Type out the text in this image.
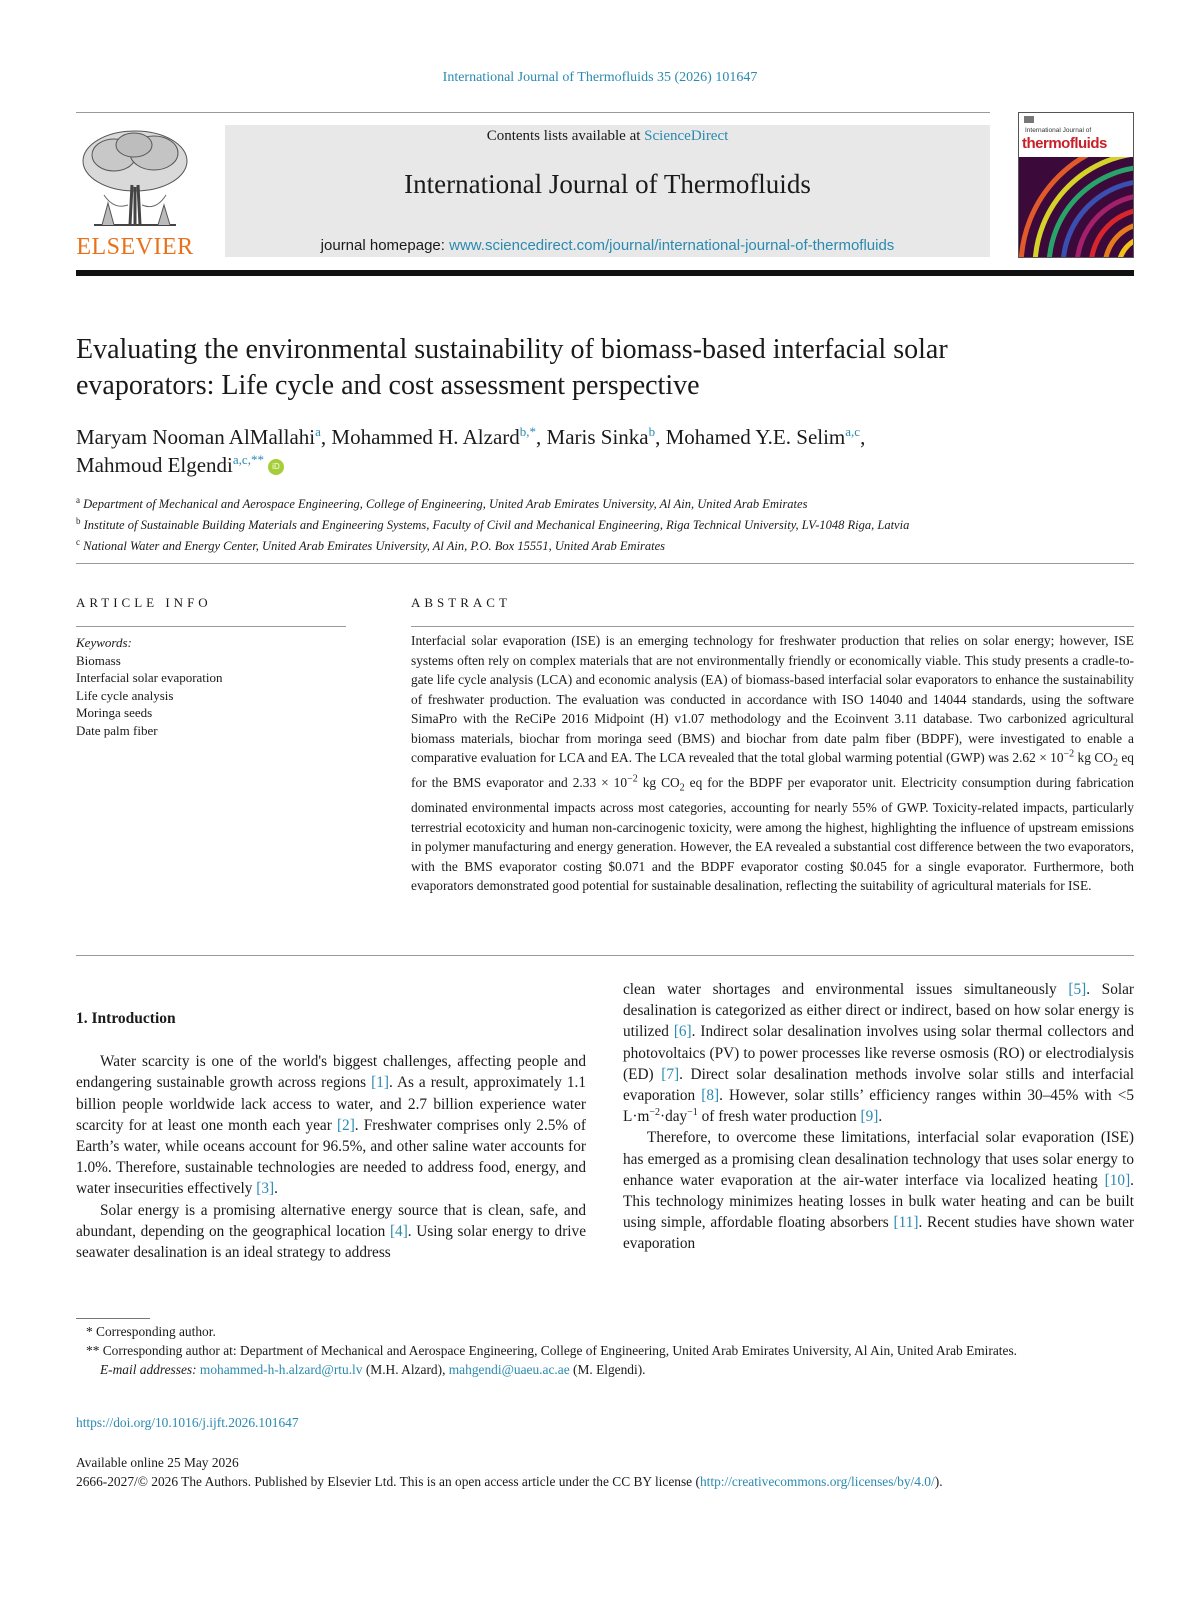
International Journal of Thermofluids 35 (2026) 101647
ELSEVIER
Contents lists available at ScienceDirect
International Journal of Thermofluids
journal homepage: www.sciencedirect.com/journal/international-journal-of-thermofluids
International Journal of
thermofluids
Evaluating the environmental sustainability of biomass-based interfacial solar evaporators: Life cycle and cost assessment perspective
Maryam Nooman AlMallahi$^a$, Mohammed H. Alzard$^{b,*}$, Maris Sinka$^b$, Mohamed Y.E. Selim$^{a,c}$,
Mahmoud Elgendi$^{a,c,**}$ iD
$^a$ Department of Mechanical and Aerospace Engineering, College of Engineering, United Arab Emirates University, Al Ain, United Arab Emirates
$^b$ Institute of Sustainable Building Materials and Engineering Systems, Faculty of Civil and Mechanical Engineering, Riga Technical University, LV-1048 Riga, Latvia
$^c$ National Water and Energy Center, United Arab Emirates University, Al Ain, P.O. Box 15551, United Arab Emirates
ARTICLE INFO	ABSTRACT
Keywords:
Biomass
Interfacial solar evaporation
Life cycle analysis
Moringa seeds
Date palm fiber
Interfacial solar evaporation (ISE) is an emerging technology for freshwater production that relies on solar energy; however, ISE systems often rely on complex materials that are not environmentally friendly or economically viable. This study presents a cradle-to-gate life cycle analysis (LCA) and economic analysis (EA) of biomass-based interfacial solar evaporators to enhance the sustainability of freshwater production. The evaluation was conducted in accordance with ISO 14040 and 14044 standards, using the software SimaPro with the ReCiPe 2016 Midpoint (H) v1.07 methodology and the Ecoinvent 3.11 database. Two carbonized agricultural biomass materials, biochar from moringa seed (BMS) and biochar from date palm fiber (BDPF), were investigated to enable a comparative evaluation for LCA and EA. The LCA revealed that the total global warming potential (GWP) was $2.62 \times 10^{-2}$ kg $CO_2$ eq for the BMS evaporator and $2.33 \times 10^{-2}$ kg $CO_2$ eq for the BDPF per evaporator unit. Electricity consumption during fabrication dominated environmental impacts across most categories, accounting for nearly 55% of GWP. Toxicity-related impacts, particularly terrestrial ecotoxicity and human non-carcinogenic toxicity, were among the highest, highlighting the influence of upstream emissions in polymer manufacturing and energy generation. However, the EA revealed a substantial cost difference between the two evaporators, with the BMS evaporator costing $0.071 and the BDPF evaporator costing $0.045 for a single evaporator. Furthermore, both evaporators demonstrated good potential for sustainable desalination, reflecting the suitability of agricultural materials for ISE.
1. Introduction

Water scarcity is one of the world's biggest challenges, affecting people and endangering sustainable growth across regions [1]. As a result, approximately 1.1 billion people worldwide lack access to water, and 2.7 billion experience water scarcity for at least one month each year [2]. Freshwater comprises only 2.5% of Earth’s water, while oceans account for 96.5%, and other saline water accounts for 1.0%. Therefore, sustainable technologies are needed to address food, energy, and water insecurities effectively [3].

Solar energy is a promising alternative energy source that is clean, safe, and abundant, depending on the geographical location [4]. Using solar energy to drive seawater desalination is an ideal strategy to address

clean water shortages and environmental issues simultaneously [5]. Solar desalination is categorized as either direct or indirect, based on how solar energy is utilized [6]. Indirect solar desalination involves using solar thermal collectors and photovoltaics (PV) to power processes like reverse osmosis (RO) or electrodialysis (ED) [7]. Direct solar desalination methods involve solar stills and interfacial evaporation [8]. However, solar stills’ efficiency ranges within 30–45% with <5 $L\cdot m^{-2}\cdot day^{-1}$ of fresh water production [9].

Therefore, to overcome these limitations, interfacial solar evaporation (ISE) has emerged as a promising clean desalination technology that uses solar energy to enhance water evaporation at the air-water interface via localized heating [10]. This technology minimizes heating losses in bulk water heating and can be built using simple, affordable floating absorbers [11]. Recent studies have shown water evaporation

* Corresponding author.
** Corresponding author at: Department of Mechanical and Aerospace Engineering, College of Engineering, United Arab Emirates University, Al Ain, United Arab Emirates.
E-mail addresses: mohammed-h-h.alzard@rtu.lv (M.H. Alzard), mahgendi@uaeu.ac.ae (M. Elgendi).
https://doi.org/10.1016/j.ijft.2026.101647
Available online 25 May 2026
2666-2027/© 2026 The Authors. Published by Elsevier Ltd. This is an open access article under the CC BY license (http://creativecommons.org/licenses/by/4.0/).
